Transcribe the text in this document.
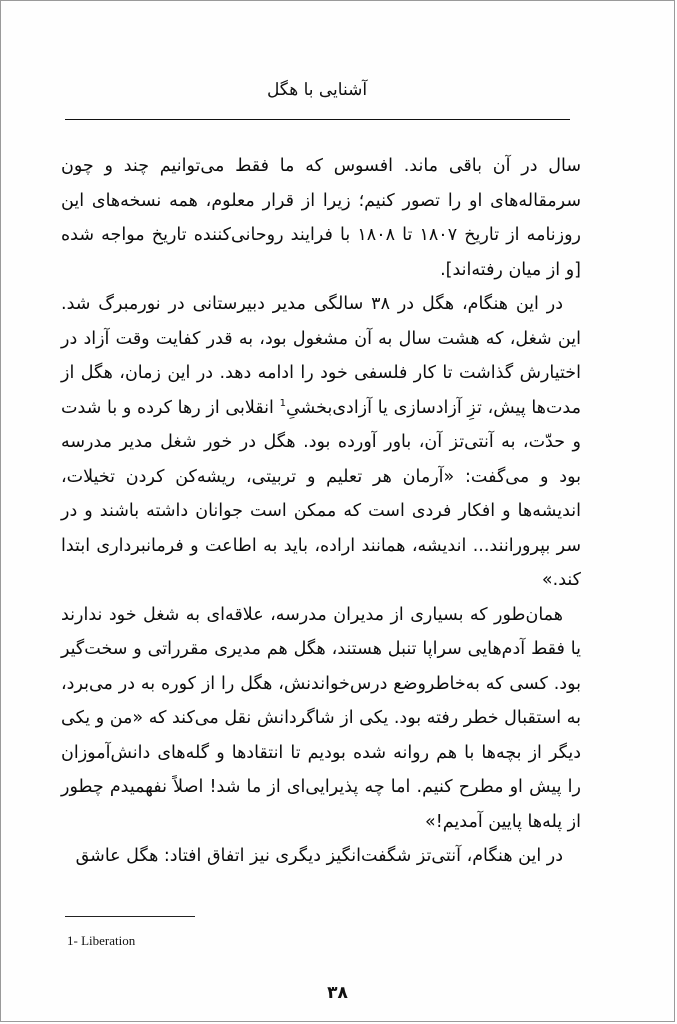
آشنایی با هگل

سال در آن باقی ماند. افسوس که ما فقط می‌توانیم چند و چون سرمقاله‌های او را تصور کنیم؛ زیرا از قرار معلوم، همه نسخه‌های این روزنامه از تاریخ ۱۸۰۷ تا ۱۸۰۸ با فرایند روحانی‌کننده تاریخ مواجه شده [و از میان رفته‌اند].

در این هنگام، هگل در ۳۸ سالگی مدیر دبیرستانی در نورمبرگ شد. این شغل، که هشت سال به آن مشغول بود، به قدر کفایت وقت آزاد در اختیارش گذاشت تا کار فلسفی خود را ادامه دهد. در این زمان، هگل از مدت‌ها پیش، تزِ آزادسازی یا آزادی‌بخشیِ$^1$ انقلابی از رها کرده و با شدت و حدّت، به آنتی‌تز آن، باور آورده بود. هگل در خور شغل مدیر مدرسه بود و می‌گفت: «آرمان هر تعلیم و تربیتی، ریشه‌کن کردن تخیلات، اندیشه‌ها و افکار فردی است که ممکن است جوانان داشته باشند و در سر بپرورانند... اندیشه، همانند اراده، باید به اطاعت و فرمانبرداری ابتدا کند.»

همان‌طور که بسیاری از مدیران مدرسه، علاقه‌ای به شغل خود ندارند یا فقط آدم‌هایی سراپا تنبل هستند، هگل هم مدیری مقرراتی و سخت‌گیر بود. کسی که به‌خاطروضع درس‌خواندنش، هگل را از کوره به در می‌برد، به استقبال خطر رفته بود. یکی از شاگردانش نقل می‌کند که «من و یکی دیگر از بچه‌ها با هم روانه شده بودیم تا انتقادها و گله‌های دانش‌آموزان را پیش او مطرح کنیم. اما چه پذیرایی‌ای از ما شد! اصلاً نفهمیدم چطور از پله‌ها پایین آمدیم!»

در این هنگام، آنتی‌تز شگفت‌انگیز دیگری نیز اتفاق افتاد: هگل عاشق

1- Liberation
۳۸
